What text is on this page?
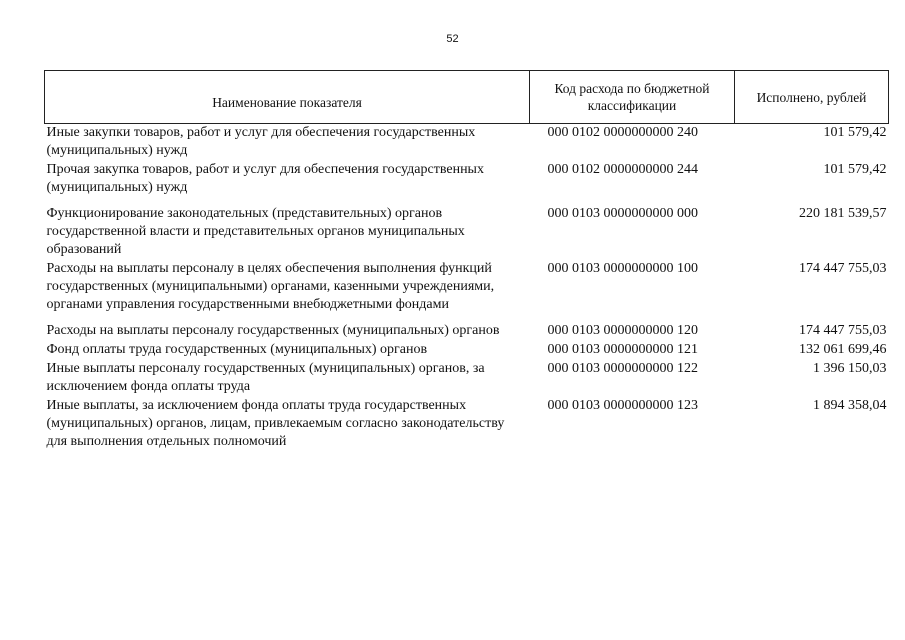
52
Наименование показателя	Код расхода по бюджетной классификации	Исполнено, рублей
Иные закупки товаров, работ и услуг для обеспечения государственных (муниципальных) нужд	000 0102 0000000000 240	101 579,42
Прочая закупка товаров, работ и услуг для обеспечения государственных (муниципальных) нужд	000 0102 0000000000 244	101 579,42
Функционирование законодательных (представительных) органов государственной власти и представительных органов муниципальных образований	000 0103 0000000000 000	220 181 539,57
Расходы на выплаты персоналу в целях обеспечения выполнения функций государственных (муниципальными) органами, казенными учреждениями, органами управления государственными внебюджетными фондами	000 0103 0000000000 100	174 447 755,03
Расходы на выплаты персоналу государственных (муниципальных) органов	000 0103 0000000000 120	174 447 755,03
Фонд оплаты труда государственных (муниципальных) органов	000 0103 0000000000 121	132 061 699,46
Иные выплаты персоналу государственных (муниципальных) органов, за исключением фонда оплаты труда	000 0103 0000000000 122	1 396 150,03
Иные выплаты, за исключением фонда оплаты труда государственных (муниципальных) органов, лицам, привлекаемым согласно законодательству для выполнения отдельных полномочий	000 0103 0000000000 123	1 894 358,04
